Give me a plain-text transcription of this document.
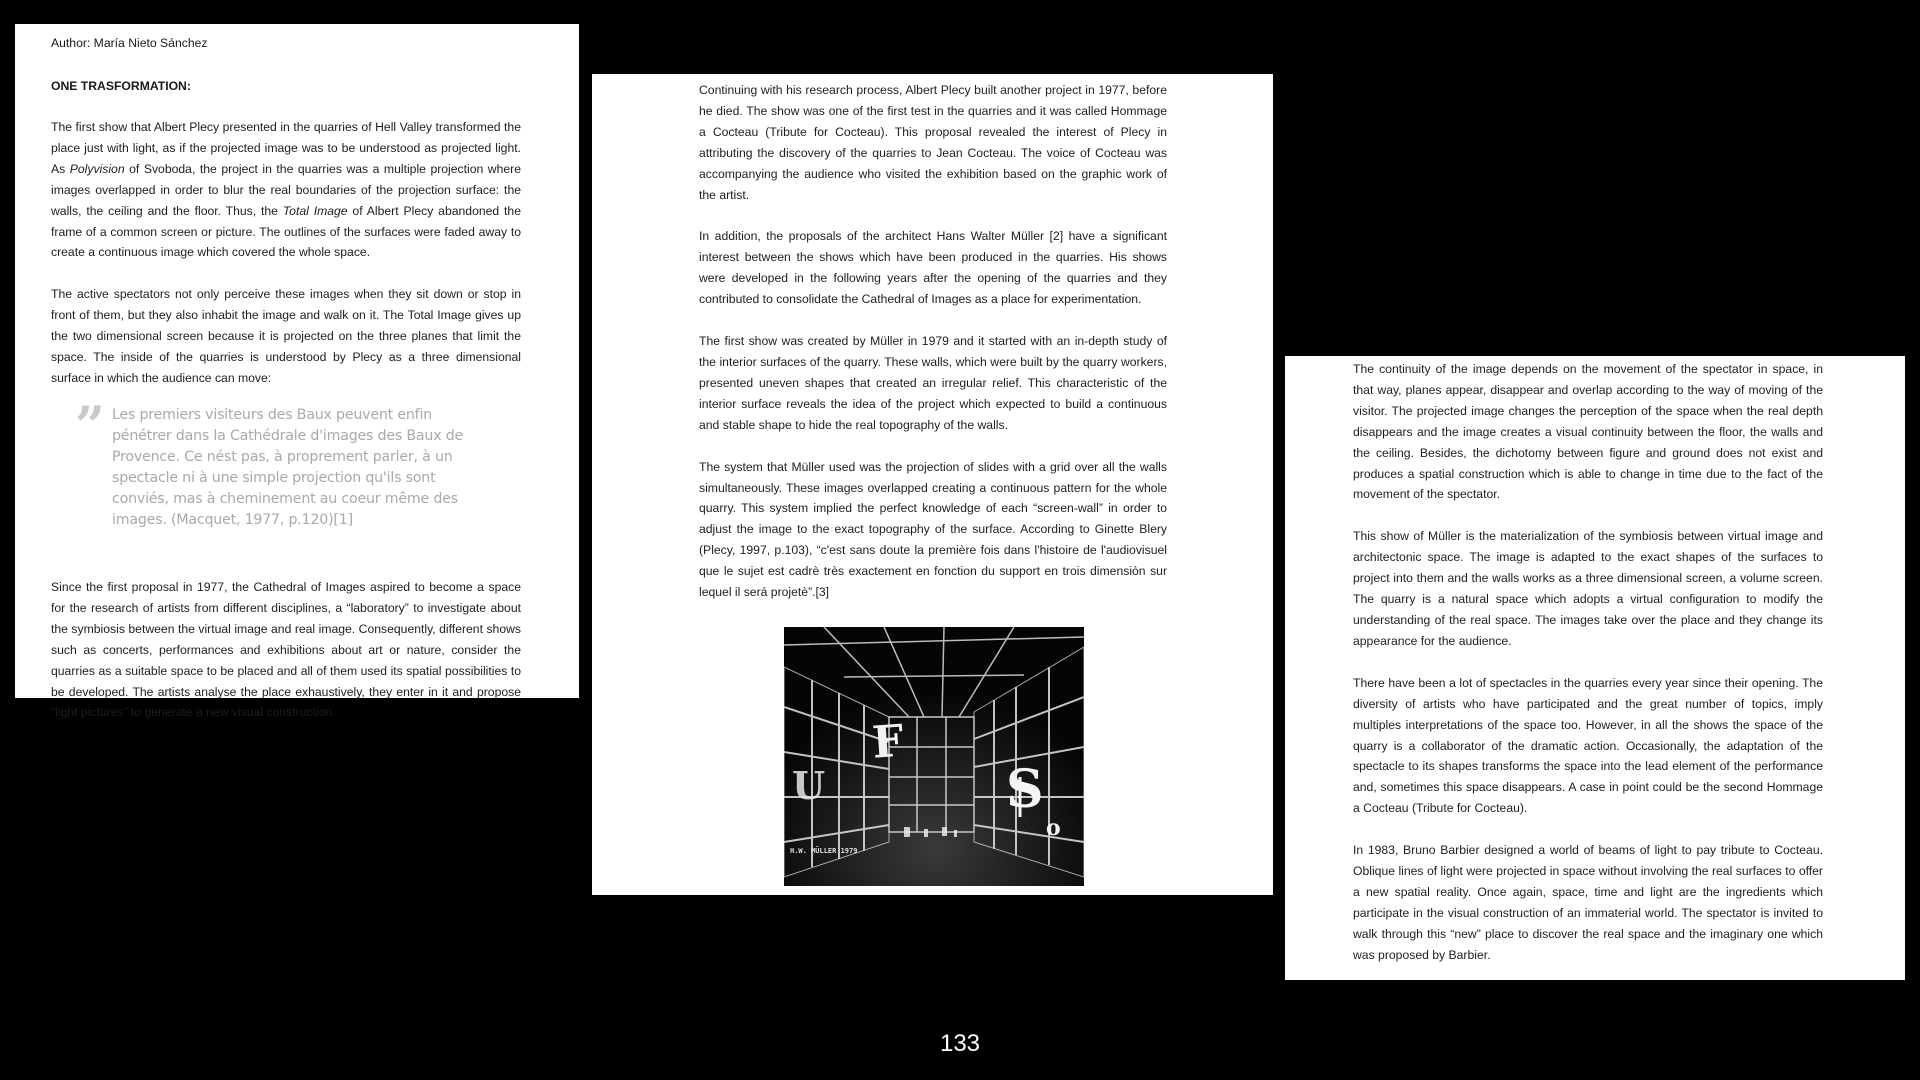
Author: María Nieto Sánchez

ONE TRASFORMATION:

The first show that Albert Plecy presented in the quarries of Hell Valley transformed the place just with light, as if the projected image was to be understood as projected light. As Polyvision of Svoboda, the project in the quarries was a multiple projection where images overlapped in order to blur the real boundaries of the projection surface: the walls, the ceiling and the floor. Thus, the Total Image of Albert Plecy abandoned the frame of a common screen or picture. The outlines of the surfaces were faded away to create a continuous image which covered the whole space.

The active spectators not only perceive these images when they sit down or stop in front of them, but they also inhabit the image and walk on it. The Total Image gives up the two dimensional screen because it is projected on the three planes that limit the space. The inside of the quarries is understood by Plecy as a three dimensional surface in which the audience can move:

” Les premiers visiteurs des Baux peuvent enfin pénétrer dans la Cathédrale d'images des Baux de Provence. Ce nést pas, à proprement parler, à un spectacle ni à une simple projection qu'ils sont conviés, mas à cheminement au coeur même des images. (Macquet, 1977, p.120)[1]

Since the first proposal in 1977, the Cathedral of Images aspired to become a space for the research of artists from different disciplines, a “laboratory” to investigate about the symbiosis between the virtual image and real image. Consequently, different shows such as concerts, performances and exhibitions about art or nature, consider the quarries as a suitable space to be placed and all of them used its spatial possibilities to be developed. The artists analyse the place exhaustively, they enter in it and propose “light pictures” to generate a new visual construction.

Continuing with his research process, Albert Plecy built another project in 1977, before he died. The show was one of the first test in the quarries and it was called Hommage a Cocteau (Tribute for Cocteau). This proposal revealed the interest of Plecy in attributing the discovery of the quarries to Jean Cocteau. The voice of Cocteau was accompanying the audience who visited the exhibition based on the graphic work of the artist.

In addition, the proposals of the architect Hans Walter Müller [2] have a significant interest between the shows which have been produced in the quarries. His shows were developed in the following years after the opening of the quarries and they contributed to consolidate the Cathedral of Images as a place for experimentation.

The first show was created by Müller in 1979 and it started with an in-depth study of the interior surfaces of the quarry. These walls, which were built by the quarry workers, presented uneven shapes that created an irregular relief. This characteristic of the interior surface reveals the idea of the project which expected to build a continuous and stable shape to hide the real topography of the walls.

The system that Müller used was the projection of slides with a grid over all the walls simultaneously. These images overlapped creating a continuous pattern for the whole quarry. This system implied the perfect knowledge of each “screen-wall” in order to adjust the image to the exact topography of the surface. According to Ginette Blery (Plecy, 1997, p.103), “c'est sans doute la première fois dans l'histoire de l'audiovisuel que le sujet est cadrè très exactement en fonction du support en trois dimensiòn sur lequel il será projetè”.[3]

F
S
o
U
H.W. MÜLLER 1979

The continuity of the image depends on the movement of the spectator in space, in that way, planes appear, disappear and overlap according to the way of moving of the visitor. The projected image changes the perception of the space when the real depth disappears and the image creates a visual continuity between the floor, the walls and the ceiling. Besides, the dichotomy between figure and ground does not exist and produces a spatial construction which is able to change in time due to the fact of the movement of the spectator.

This show of Müller is the materialization of the symbiosis between virtual image and architectonic space. The image is adapted to the exact shapes of the surfaces to project into them and the walls works as a three dimensional screen, a volume screen. The quarry is a natural space which adopts a virtual configuration to modify the understanding of the real space. The images take over the place and they change its appearance for the audience.

There have been a lot of spectacles in the quarries every year since their opening. The diversity of artists who have participated and the great number of topics, imply multiples interpretations of the space too. However, in all the shows the space of the quarry is a collaborator of the dramatic action. Occasionally, the adaptation of the spectacle to its shapes transforms the space into the lead element of the performance and, sometimes this space disappears. A case in point could be the second Hommage a Cocteau (Tribute for Cocteau).

In 1983, Bruno Barbier designed a world of beams of light to pay tribute to Cocteau. Oblique lines of light were projected in space without involving the real surfaces to offer a new spatial reality. Once again, space, time and light are the ingredients which participate in the visual construction of an immaterial world. The spectator is invited to walk through this “new” place to discover the real space and the imaginary one which was proposed by Barbier.

133
